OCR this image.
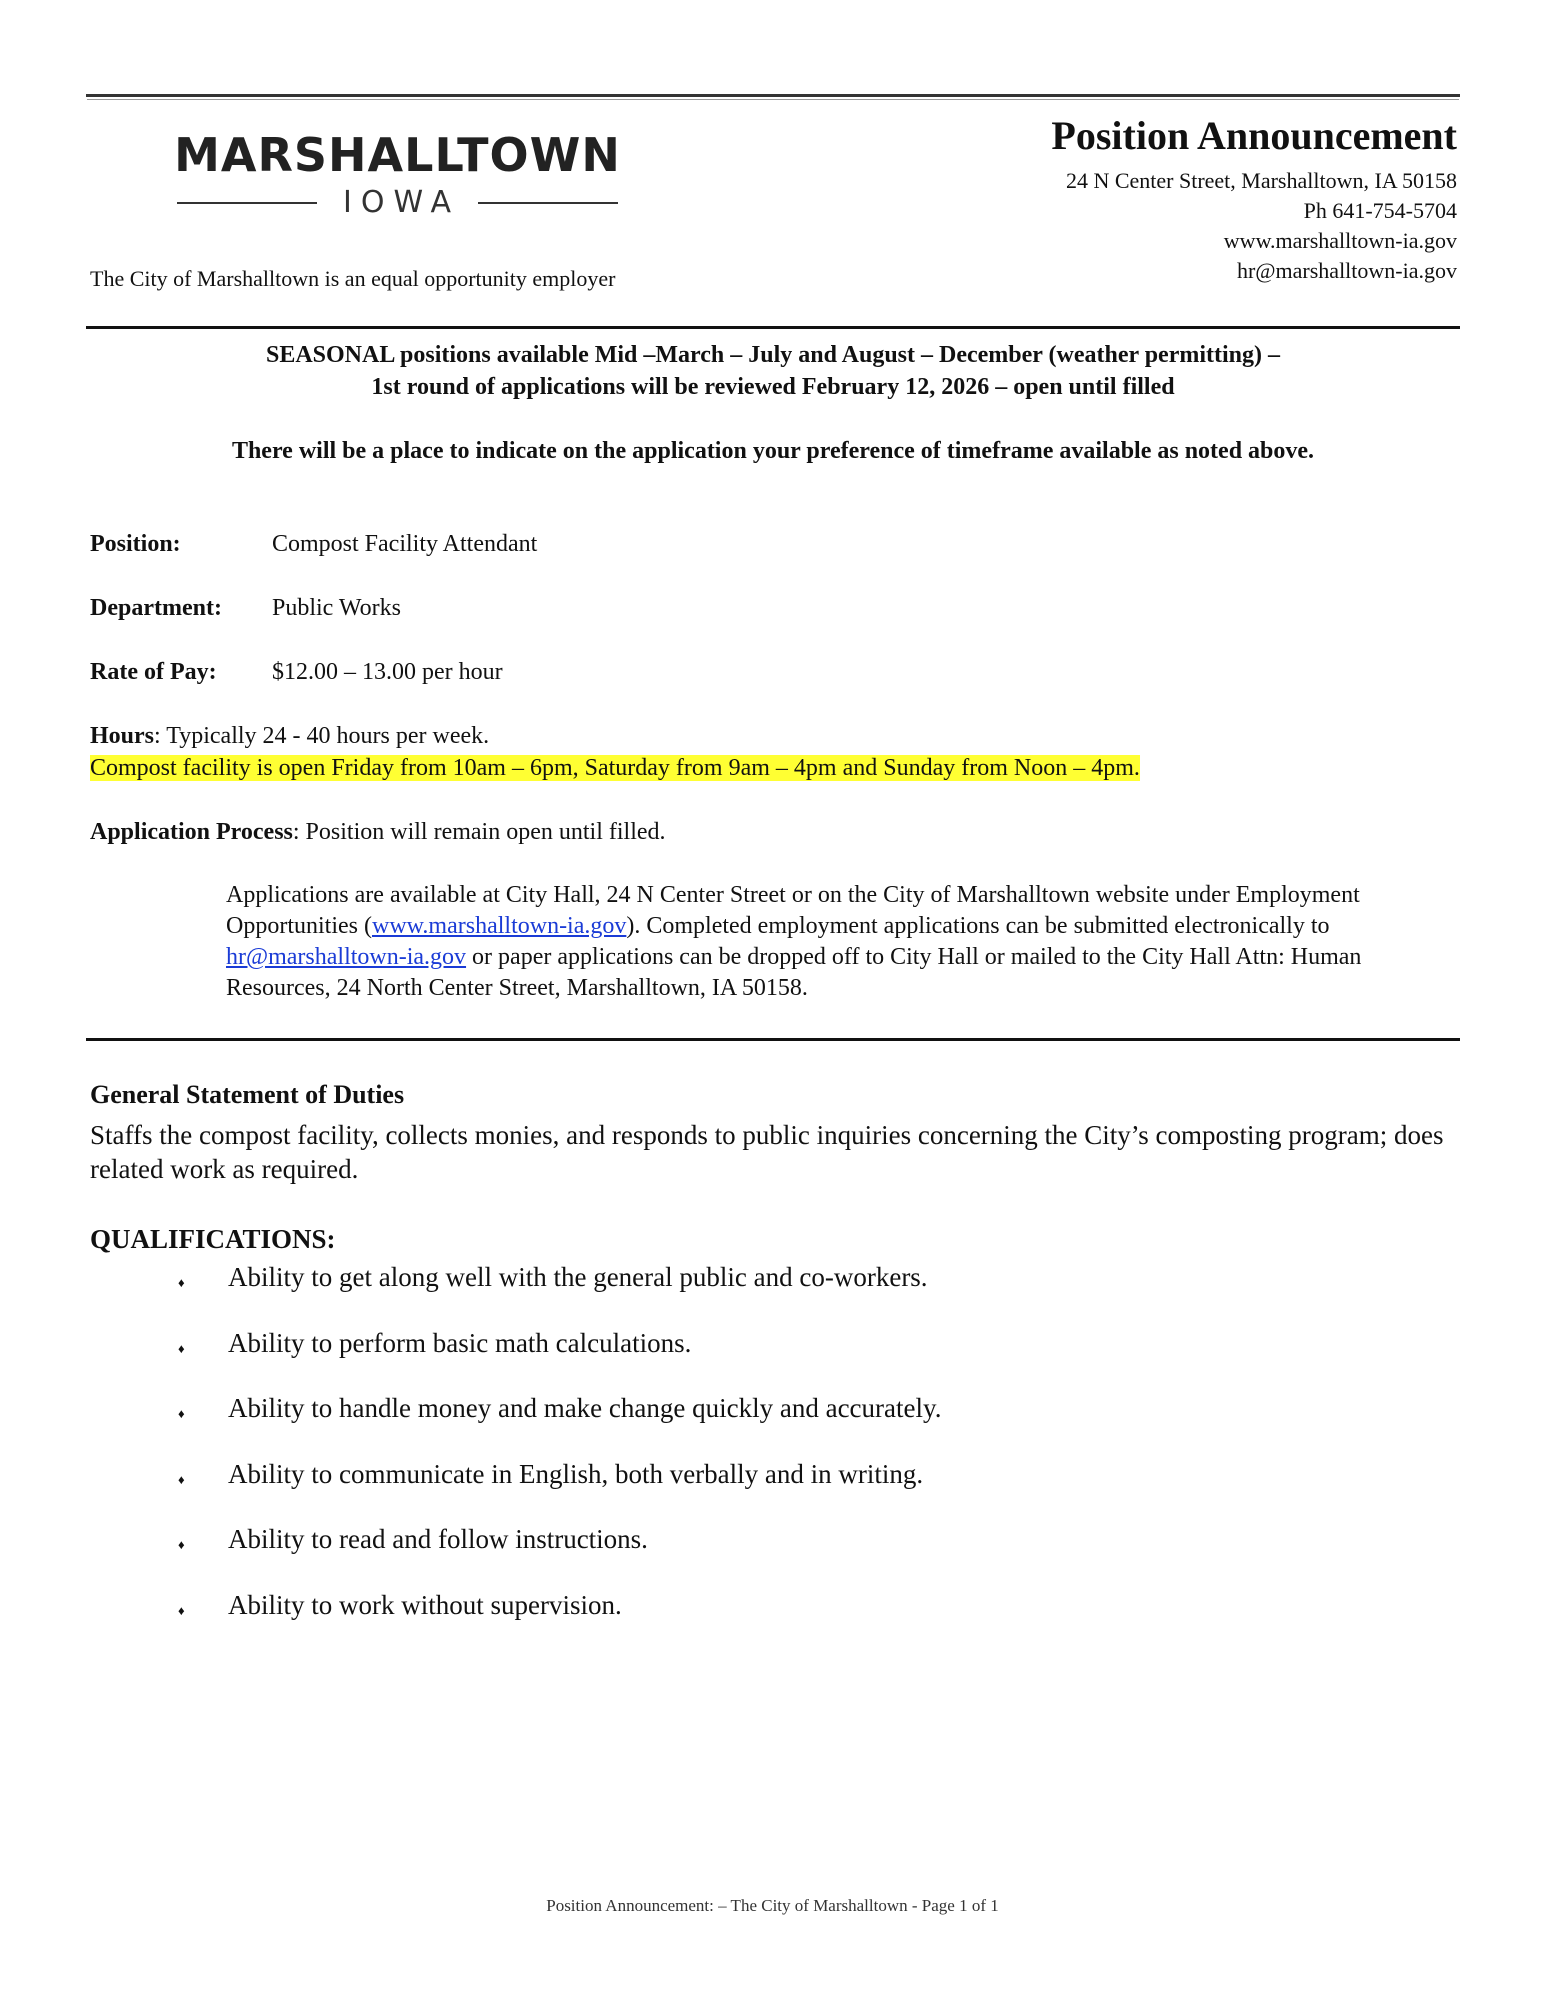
MARSHALLTOWN
IOWA
The City of Marshalltown is an equal opportunity employer
Position Announcement
24 N Center Street, Marshalltown, IA 50158
Ph 641-754-5704
www.marshalltown-ia.gov
hr@marshalltown-ia.gov
SEASONAL positions available Mid –March – July and August – December (weather permitting) –
1st round of applications will be reviewed February 12, 2026 – open until filled
There will be a place to indicate on the application your preference of timeframe available as noted above.
Position:	Compost Facility Attendant
Department: Public Works
Rate of Pay: $12.00 – 13.00 per hour
Hours: Typically 24 - 40 hours per week.
Compost facility is open Friday from 10am – 6pm, Saturday from 9am – 4pm and Sunday from Noon – 4pm.
Application Process: Position will remain open until filled.
Applications are available at City Hall, 24 N Center Street or on the City of Marshalltown website under Employment Opportunities (www.marshalltown-ia.gov). Completed employment applications can be submitted electronically to hr@marshalltown-ia.gov or paper applications can be dropped off to City Hall or mailed to the City Hall Attn: Human Resources, 24 North Center Street, Marshalltown, IA 50158.
General Statement of Duties
Staffs the compost facility, collects monies, and responds to public inquiries concerning the City’s composting program; does related work as required.
QUALIFICATIONS:
♦ Ability to get along well with the general public and co-workers.
♦ Ability to perform basic math calculations.
♦ Ability to handle money and make change quickly and accurately.
♦ Ability to communicate in English, both verbally and in writing.
♦ Ability to read and follow instructions.
♦ Ability to work without supervision.
Position Announcement: – The City of Marshalltown - Page 1 of 1
